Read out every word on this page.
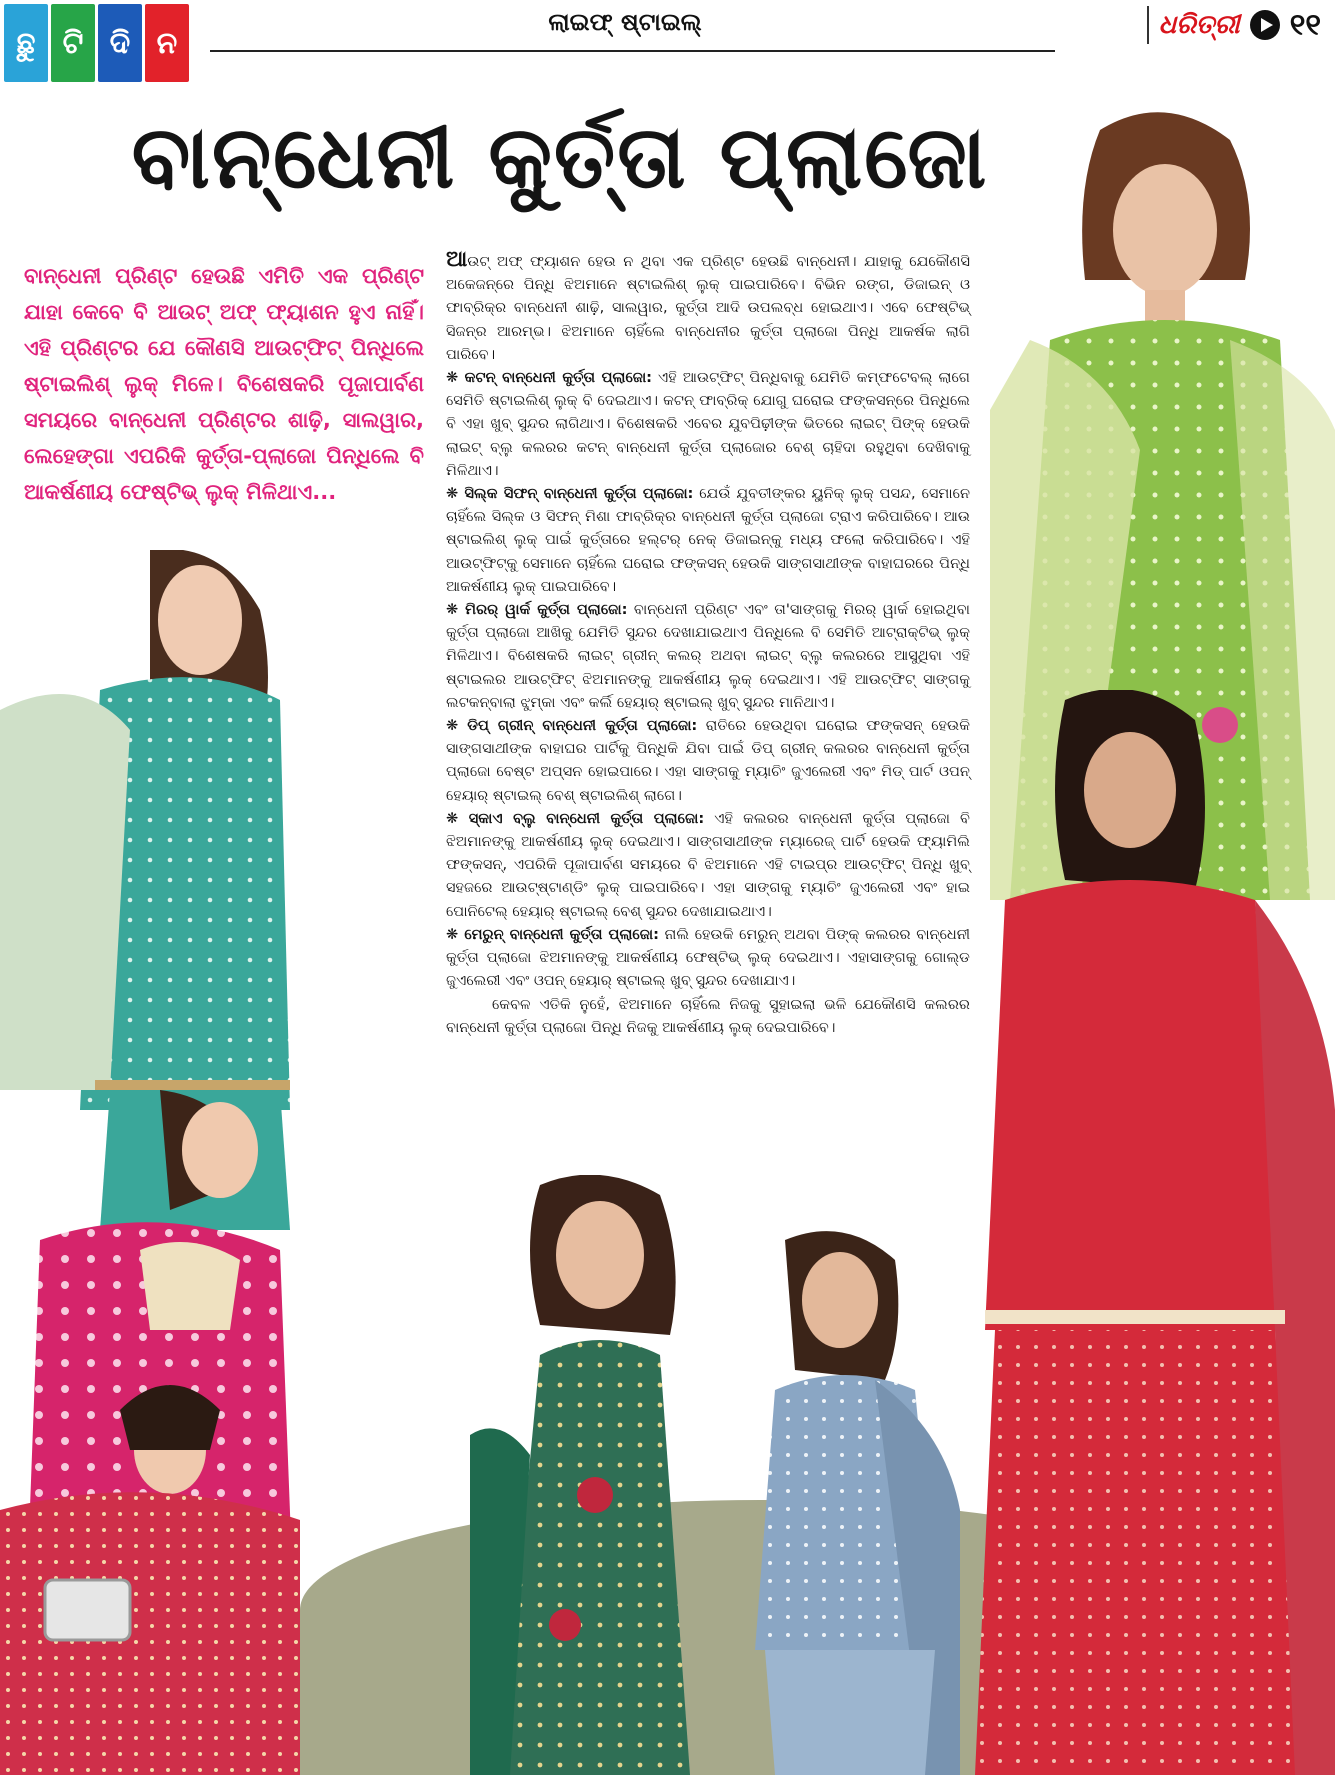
ଛୁ ଟି ଦି ନ
ଲାଇଫ୍ ଷ୍ଟାଇଲ୍	ଧରିତ୍ରୀ ୧୧
ବାନ୍ଧେନୀ କୁର୍ତ୍ତା ପ୍ଲାଜୋ

ବାନ୍ଧେନୀ ପ୍ରିଣ୍ଟ ହେଉଛି ଏମିତି ଏକ ପ୍ରିଣ୍ଟ ଯାହା କେବେ ବି ଆଉଟ୍ ଅଫ୍ ଫ୍ୟାଶନ ହୁଏ ନାହିଁ। ଏହି ପ୍ରିଣ୍ଟର ଯେ କୌଣସି ଆଉଟ୍‌ଫିଟ୍ ପିନ୍ଧିଲେ ଷ୍ଟାଇଲିଶ୍ ଲୁକ୍ ମିଳେ। ବିଶେଷକରି ପୂଜାପାର୍ବଣ ସମୟରେ ବାନ୍ଧେନୀ ପ୍ରିଣ୍ଟର ଶାଢ଼ି, ସାଲୱାର, ଲେହେଙ୍ଗା ଏପରିକି କୁର୍ତ୍ତା-ପ୍ଲାଜୋ ପିନ୍ଧିଲେ ବି ଆକର୍ଷଣୀୟ ଫେଷ୍ଟିଭ୍ ଲୁକ୍ ମିଳିଥାଏ...

ଆଉଟ୍ ଅଫ୍ ଫ୍ୟାଶନ ହେଉ ନ ଥିବା ଏକ ପ୍ରିଣ୍ଟ ହେଉଛି ବାନ୍ଧେନୀ। ଯାହାକୁ ଯେକୌଣସି ଅକେଜନ୍‌ରେ ପିନ୍ଧି ଝିଅମାନେ ଷ୍ଟାଇଲିଶ୍ ଲୁକ୍ ପାଇପାରିବେ। ବିଭିନ ରଙ୍ଗ, ଡିଜାଇନ୍ ଓ ଫାବ୍ରିକ୍‌ର ବାନ୍ଧେନୀ ଶାଢ଼ି, ସାଲୱାର, କୁର୍ତ୍ତା ଆଦି ଉପଲବ୍ଧ ହୋଇଥାଏ। ଏବେ ଫେଷ୍ଟିଭ୍ ସିଜନ୍‌ର ଆରମ୍ଭ। ଝିଅମାନେ ଚାହିଁଲେ ବାନ୍ଧେନୀର କୁର୍ତ୍ତା ପ୍ଲାଜୋ ପିନ୍ଧି ଆକର୍ଷକ ଲାଗି ପାରିବେ।

❋ କଟନ୍ ବାନ୍ଧେନୀ କୁର୍ତ୍ତା ପ୍ଲାଜୋ: ଏହି ଆଉଟ୍‌ଫିଟ୍ ପିନ୍ଧିବାକୁ ଯେମିତି କମ୍ଫଟେବଲ୍ ଲାଗେ ସେମିତି ଷ୍ଟାଇଲିଶ୍ ଲୁକ୍ ବି ଦେଇଥାଏ। କଟନ୍ ଫାବ୍ରିକ୍ ଯୋଗୁ ଘରୋଇ ଫଙ୍କସନ୍‌ରେ ପିନ୍ଧିଲେ ବି ଏହା ଖୁବ୍ ସୁନ୍ଦର ଲାଗିଥାଏ। ବିଶେଷକରି ଏବେର ଯୁବପିଢ଼ୀଙ୍କ ଭିତରେ ଲାଇଟ୍ ପିଙ୍କ୍ ହେଉକି ଲାଇଟ୍ ବ୍ଲୁ କଲରର କଟନ୍ ବାନ୍ଧେନୀ କୁର୍ତ୍ତା ପ୍ଲାଜୋର ବେଶ୍ ଚାହିଦା ରହୁଥିବା ଦେଖିବାକୁ ମିଳିଥାଏ।

❋ ସିଲ୍କ ସିଫନ୍ ବାନ୍ଧେନୀ କୁର୍ତ୍ତା ପ୍ଲାଜୋ: ଯେଉଁ ଯୁବତୀଙ୍କର ୟୁନିକ୍ ଲୁକ୍ ପସନ୍ଦ, ସେମାନେ ଚାହିଁଲେ ସିଲ୍କ ଓ ସିଫନ୍ ମିଶା ଫାବ୍ରିକ୍‌ର ବାନ୍ଧେନୀ କୁର୍ତ୍ତା ପ୍ଲାଜୋ ଟ୍ରାଏ କରିପାରିବେ। ଆଉ ଷ୍ଟାଇଲିଶ୍ ଲୁକ୍ ପାଇଁ କୁର୍ତ୍ତାରେ ହଲ୍‌ଟର୍ ନେକ୍ ଡିଜାଇନ୍‌କୁ ମଧ୍ୟ ଫଲୋ କରିପାରିବେ। ଏହି ଆଉଟ୍‌ଫିଟ୍‌କୁ ସେମାନେ ଚାହିଁଲେ ଘରୋଇ ଫଙ୍କସନ୍ ହେଉକି ସାଙ୍ଗସାଥୀଙ୍କ ବାହାଘରରେ ପିନ୍ଧି ଆକର୍ଷଣୀୟ ଲୁକ୍ ପାଇପାରିବେ।

❋ ମିରର୍ ୱାର୍କ କୁର୍ତ୍ତା ପ୍ଲାଜୋ: ବାନ୍ଧେନୀ ପ୍ରିଣ୍ଟ ଏବଂ ତା'ସାଙ୍ଗକୁ ମିରର୍ ୱାର୍କ ହୋଇଥିବା କୁର୍ତ୍ତା ପ୍ଲାଜୋ ଆଖିକୁ ଯେମିତି ସୁନ୍ଦର ଦେଖାଯାଇଥାଏ ପିନ୍ଧିଲେ ବି ସେମିତି ଆଟ୍ରାକ୍ଟିଭ୍ ଲୁକ୍ ମିଳିଥାଏ। ବିଶେଷକରି ଲାଇଟ୍ ଗ୍ରୀନ୍ କଲର୍ ଅଥବା ଲାଇଟ୍ ବ୍ଲୁ କଲରରେ ଆସୁଥିବା ଏହି ଷ୍ଟାଇଲର ଆଉଟ୍‌ଫିଟ୍ ଝିଅମାନଙ୍କୁ ଆକର୍ଷଣୀୟ ଲୁକ୍ ଦେଇଥାଏ। ଏହି ଆଉଟ୍‌ଫିଟ୍ ସାଙ୍ଗକୁ ଲଟକନ୍‌ବାଲା ଝୁମ୍‌କା ଏବଂ କର୍ଲି ହେୟାର୍ ଷ୍ଟାଇଲ୍ ଖୁବ୍ ସୁନ୍ଦର ମାନିଥାଏ।

❋ ଡିପ୍ ଗ୍ରୀନ୍ ବାନ୍ଧେନୀ କୁର୍ତ୍ତା ପ୍ଲାଜୋ: ରାତିରେ ହେଉଥିବା ଘରୋଇ ଫଙ୍କସନ୍ ହେଉକି ସାଙ୍ଗସାଥୀଙ୍କ ବାହାଘର ପାର୍ଟିକୁ ପିନ୍ଧିକି ଯିବା ପାଇଁ ଡିପ୍ ଗ୍ରୀନ୍ କଲରର ବାନ୍ଧେନୀ କୁର୍ତ୍ତା ପ୍ଲାଜୋ ବେଷ୍ଟ ଅପ୍ସନ ହୋଇପାରେ। ଏହା ସାଙ୍ଗକୁ ମ୍ୟାଚିଂ ଜୁଏଲେରୀ ଏବଂ ମିଡ୍ ପାର୍ଟ ଓପନ୍ ହେୟାର୍ ଷ୍ଟାଇଲ୍ ବେଶ୍ ଷ୍ଟାଇଲିଶ୍ ଲାଗେ।

❋ ସ୍କାଏ ବ୍ଲୁ ବାନ୍ଧେନୀ କୁର୍ତ୍ତା ପ୍ଲାଜୋ: ଏହି କଲରର ବାନ୍ଧେନୀ କୁର୍ତ୍ତା ପ୍ଲାଜୋ ବି ଝିଅମାନଙ୍କୁ ଆକର୍ଷଣୀୟ ଲୁକ୍ ଦେଇଥାଏ। ସାଙ୍ଗସାଥୀଙ୍କ ମ୍ୟାରେଜ୍ ପାର୍ଟି ହେଉକି ଫ୍ୟାମିଲି ଫଙ୍କସନ୍, ଏପରିକି ପୂଜାପାର୍ବଣ ସମୟରେ ବି ଝିଅମାନେ ଏହି ଟାଇପ୍‌ର ଆଉଟ୍‌ଫିଟ୍ ପିନ୍ଧି ଖୁବ୍ ସହଜରେ ଆଉଟ୍‌ଷ୍ଟାଣ୍ଡିଂ ଲୁକ୍ ପାଇପାରିବେ। ଏହା ସାଙ୍ଗକୁ ମ୍ୟାଚିଂ ଜୁଏଲେରୀ ଏବଂ ହାଇ ପୋନିଟେଲ୍ ହେୟାର୍ ଷ୍ଟାଇଲ୍ ବେଶ୍ ସୁନ୍ଦର ଦେଖାଯାଇଥାଏ।

❋ ମେରୁନ୍ ବାନ୍ଧେନୀ କୁର୍ତ୍ତା ପ୍ଲାଜୋ: ନାଲି ହେଉକି ମେରୁନ୍ ଅଥବା ପିଙ୍କ୍ କଲରର ବାନ୍ଧେନୀ କୁର୍ତ୍ତା ପ୍ଲାଜୋ ଝିଅମାନଙ୍କୁ ଆକର୍ଷଣୀୟ ଫେଷ୍ଟିଭ୍ ଲୁକ୍ ଦେଇଥାଏ। ଏହାସାଙ୍ଗକୁ ଗୋଲ୍ଡ ଜୁଏଲେରୀ ଏବଂ ଓପନ୍ ହେୟାର୍ ଷ୍ଟାଇଲ୍ ଖୁବ୍ ସୁନ୍ଦର ଦେଖାଯାଏ।

କେବଳ ଏତିକି ନୁହେଁ, ଝିଅମାନେ ଚାହିଁଲେ ନିଜକୁ ସୁହାଇଲା ଭଳି ଯେକୌଣସି କଲରର ବାନ୍ଧେନୀ କୁର୍ତ୍ତା ପ୍ଲାଜୋ ପିନ୍ଧି ନିଜକୁ ଆକର୍ଷଣୀୟ ଲୁକ୍ ଦେଇପାରିବେ।
